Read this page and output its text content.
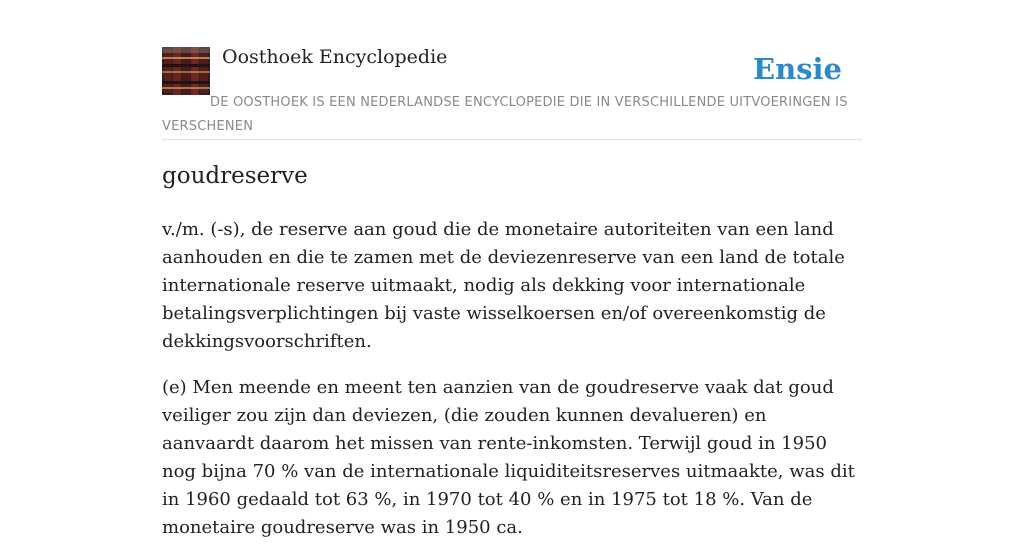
Oosthoek Encyclopedie	Ensie
DE OOSTHOEK IS EEN NEDERLANDSE ENCYCLOPEDIE DIE IN VERSCHILLENDE UITVOERINGEN IS VERSCHENEN
goudreserve

v./m. (-s), de reserve aan goud die de monetaire autoriteiten van een land aanhouden en die te zamen met de deviezenreserve van een land de totale internationale reserve uitmaakt, nodig als dekking voor internationale betalingsverplichtingen bij vaste wisselkoersen en/of overeenkomstig de dekkingsvoorschriften.

(e) Men meende en meent ten aanzien van de goudreserve vaak dat goud veiliger zou zijn dan deviezen, (die zouden kunnen devalueren) en aanvaardt daarom het missen van rente-inkomsten. Terwijl goud in 1950 nog bijna 70 % van de internationale liquiditeitsreserves uitmaakte, was dit in 1960 gedaald tot 63 %, in 1970 tot 40 % en in 1975 tot 18 %. Van de monetaire goudreserve was in 1950 ca.
